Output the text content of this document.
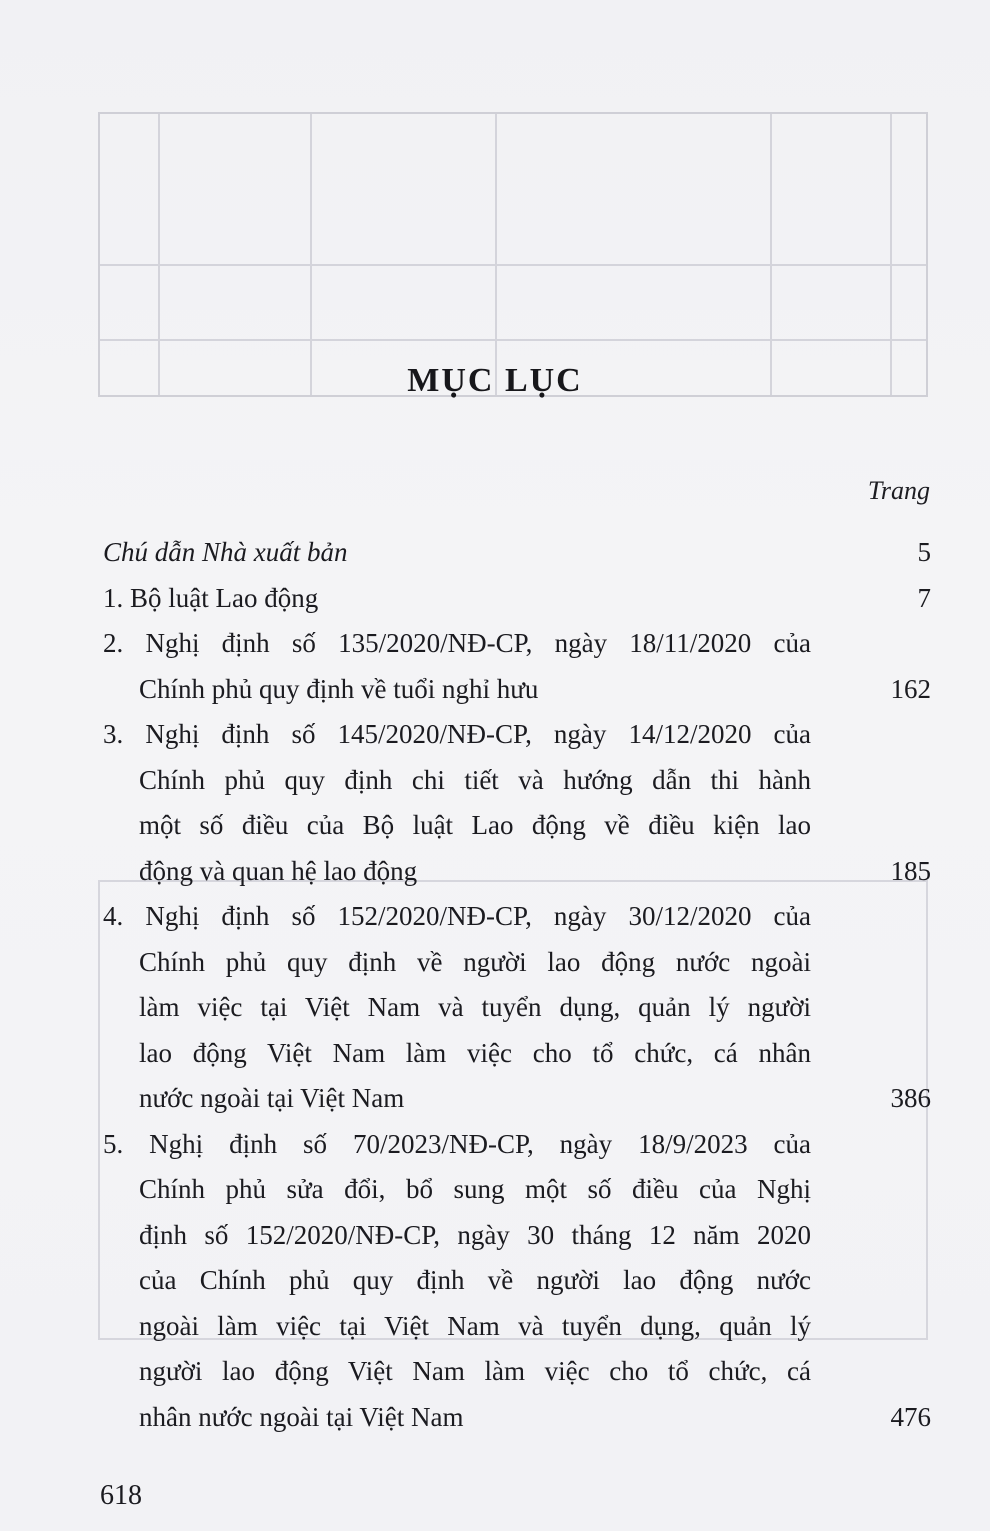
MỤC LỤC
Trang
Chú dẫn Nhà xuất bản	5
1. Bộ luật Lao động	7
2. Nghị định số 135/2020/NĐ-CP, ngày 18/11/2020 của
Chính phủ quy định về tuổi nghỉ hưu	162
3. Nghị định số 145/2020/NĐ-CP, ngày 14/12/2020 của
Chính phủ quy định chi tiết và hướng dẫn thi hành
một số điều của Bộ luật Lao động về điều kiện lao
động và quan hệ lao động	185
4. Nghị định số 152/2020/NĐ-CP, ngày 30/12/2020 của
Chính phủ quy định về người lao động nước ngoài
làm việc tại Việt Nam và tuyển dụng, quản lý người
lao động Việt Nam làm việc cho tổ chức, cá nhân
nước ngoài tại Việt Nam	386
5. Nghị định số 70/2023/NĐ-CP, ngày 18/9/2023 của
Chính phủ sửa đổi, bổ sung một số điều của Nghị
định số 152/2020/NĐ-CP, ngày 30 tháng 12 năm 2020
của Chính phủ quy định về người lao động nước
ngoài làm việc tại Việt Nam và tuyển dụng, quản lý
người lao động Việt Nam làm việc cho tổ chức, cá
nhân nước ngoài tại Việt Nam	476
618
